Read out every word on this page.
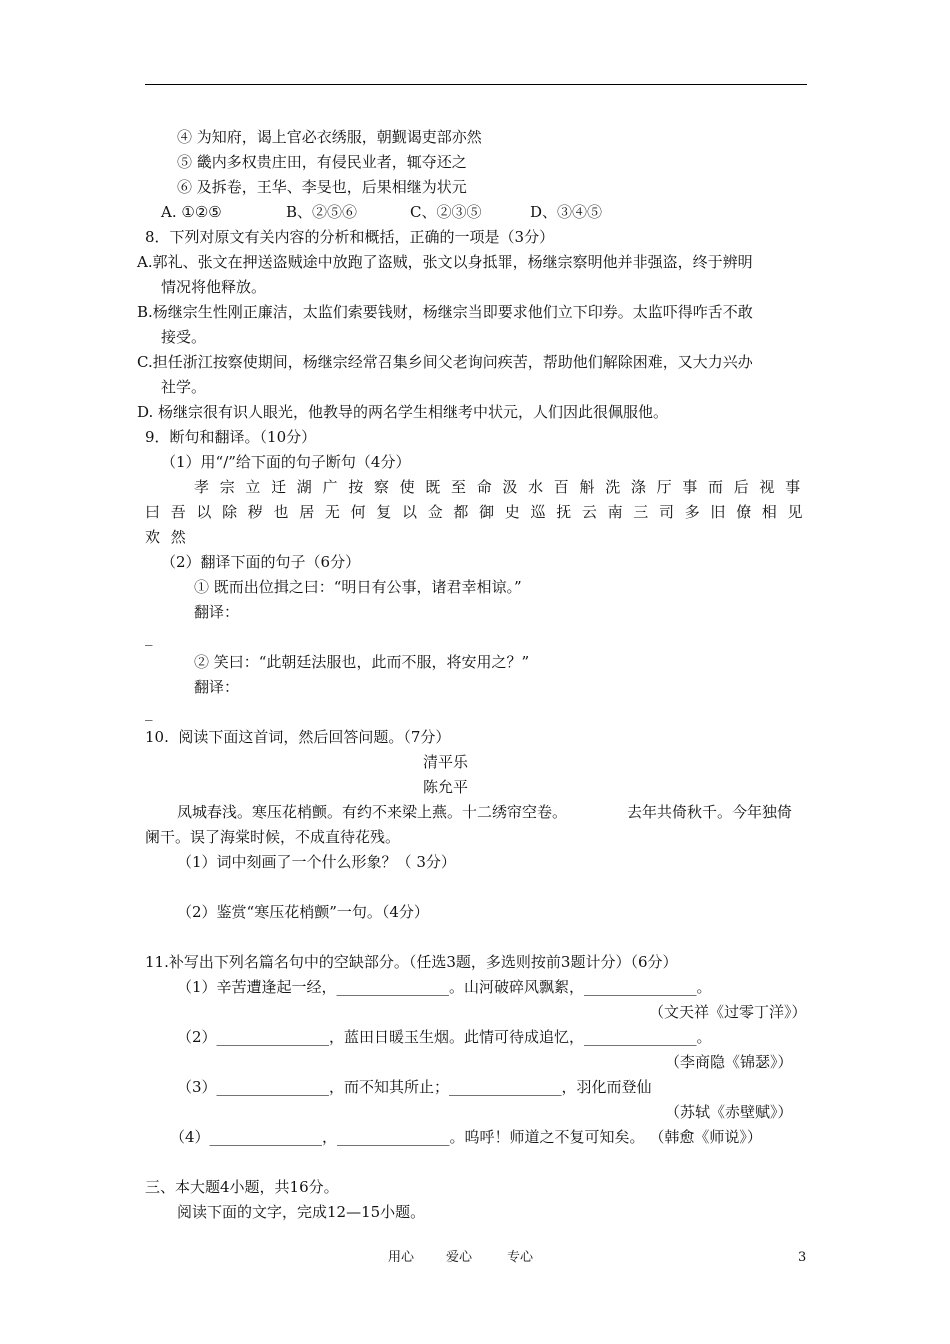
④ 为知府，谒上官必衣绣服，朝觐谒吏部亦然
⑤ 畿内多权贵庄田，有侵民业者，辄夺还之
⑥ 及拆卷，王华、李旻也，后果相继为状元
A. ①②⑤	B、②⑤⑥	C、②③⑤	D、③④⑤
8．下列对原文有关内容的分析和概括，正确的一项是（3分）
A.郭礼、张文在押送盗贼途中放跑了盗贼，张文以身抵罪，杨继宗察明他并非强盗，终于辨明
情况将他释放。
B.杨继宗生性刚正廉洁，太监们索要钱财，杨继宗当即要求他们立下印券。太监吓得咋舌不敢
接受。
C.担任浙江按察使期间，杨继宗经常召集乡间父老询问疾苦，帮助他们解除困难，又大力兴办
社学。
D. 杨继宗很有识人眼光，他教导的两名学生相继考中状元，人们因此很佩服他。
9．断句和翻译。（10分）
（1）用“/”给下面的句子断句（4分）
孝宗立迁湖广按察使既至命汲水百斛洗涤厅事而后视事
曰吾以除秽也居无何复以佥都御史巡抚云南三司多旧僚相见
欢然
（2）翻译下面的句子（6分）
① 既而出位揖之曰：“明日有公事，诸君幸相谅。”
翻译：
_
② 笑曰：“此朝廷法服也，此而不服，将安用之？”
翻译：
_
10.  阅读下面这首词，然后回答问题。（7分）
清平乐
陈允平
凤城春浅。寒压花梢颤。有约不来梁上燕。十二绣帘空卷。	去年共倚秋千。今年独倚
阑干。误了海棠时候，不成直待花残。
（1）词中刻画了一个什么形象？（ 3分）
（2）鉴赏“寒压花梢颤”一句。（4分）
11.补写出下列名篇名句中的空缺部分。（任选3题，多选则按前3题计分）（6分）
（1）辛苦遭逢起一经，_______________。山河破碎风飘絮，_______________。
（文天祥《过零丁洋》）
（2）_______________，蓝田日暖玉生烟。此情可待成追忆，_______________。
（李商隐《锦瑟》）
（3）_______________，而不知其所止；_______________，羽化而登仙
（苏轼《赤壁赋》）
（4）_______________，_______________。呜呼！师道之不复可知矣。 （韩愈《师说》）
三、本大题4小题，共16分。
阅读下面的文字，完成12—15小题。
用心 爱心	专心	3
